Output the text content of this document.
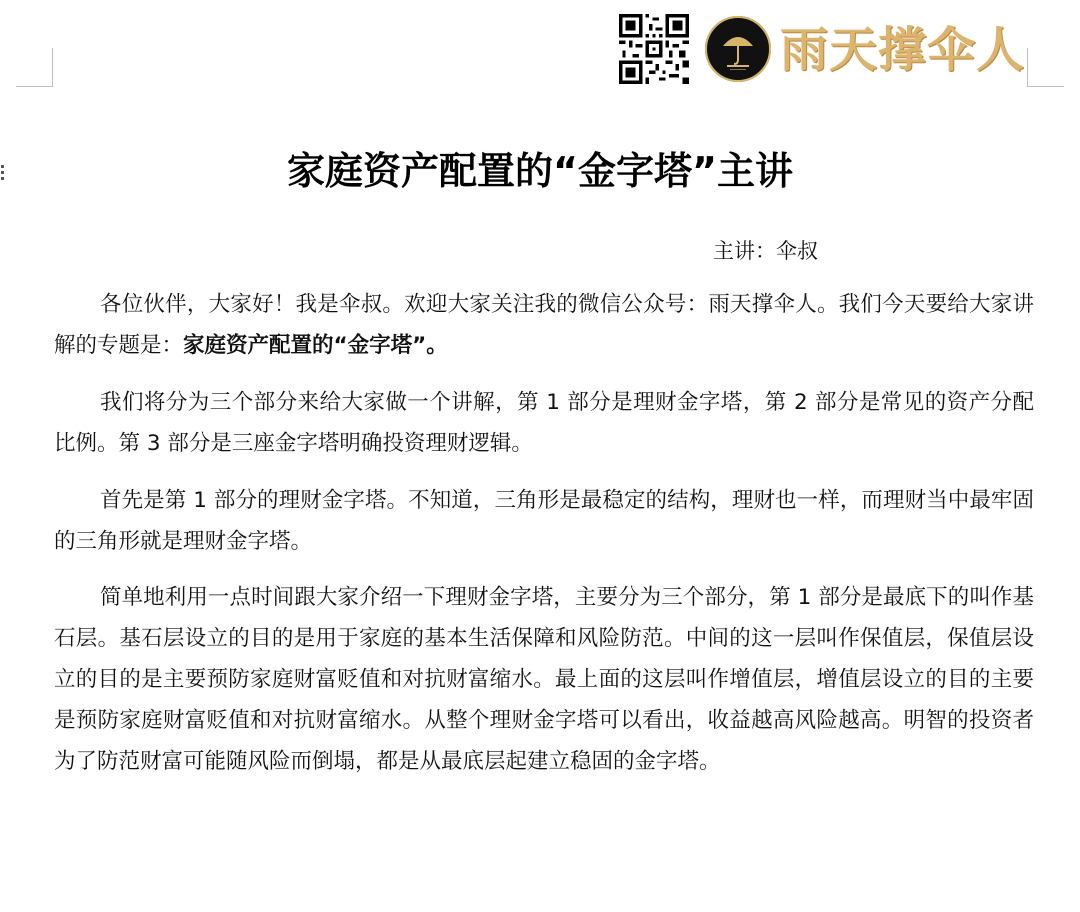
雨天撑伞人
家庭资产配置的“金字塔”主讲
主讲：伞叔

各位伙伴，大家好！我是伞叔。欢迎大家关注我的微信公众号：雨天撑伞人。我们今天要给大家讲解的专题是：家庭资产配置的“金字塔”。

我们将分为三个部分来给大家做一个讲解，第 1 部分是理财金字塔，第 2 部分是常见的资产分配比例。第 3 部分是三座金字塔明确投资理财逻辑。

首先是第 1 部分的理财金字塔。不知道，三角形是最稳定的结构，理财也一样，而理财当中最牢固的三角形就是理财金字塔。

简单地利用一点时间跟大家介绍一下理财金字塔，主要分为三个部分，第 1 部分是最底下的叫作基石层。基石层设立的目的是用于家庭的基本生活保障和风险防范。中间的这一层叫作保值层，保值层设立的目的是主要预防家庭财富贬值和对抗财富缩水。最上面的这层叫作增值层，增值层设立的目的主要是预防家庭财富贬值和对抗财富缩水。从整个理财金字塔可以看出，收益越高风险越高。明智的投资者为了防范财富可能随风险而倒塌，都是从最底层起建立稳固的金字塔。
